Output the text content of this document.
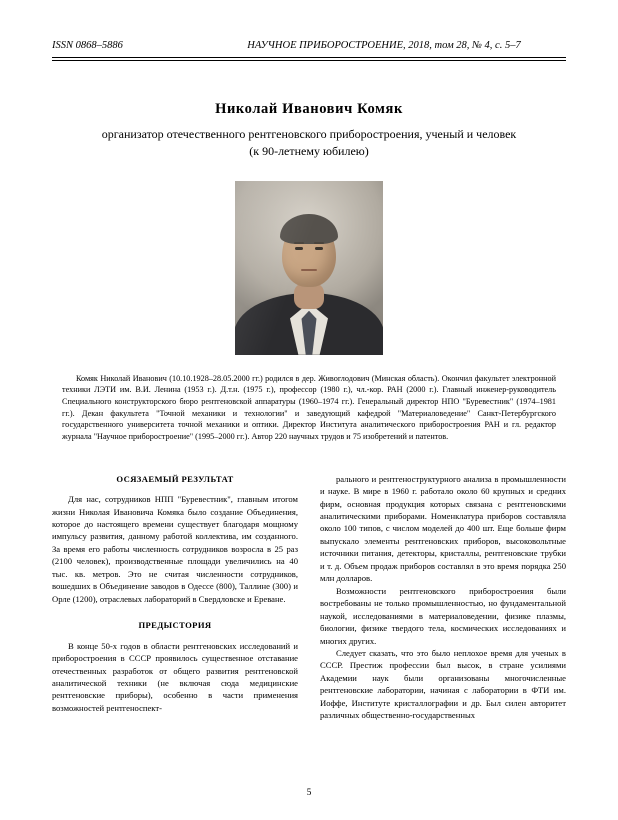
ISSN 0868–5886	НАУЧНОЕ ПРИБОРОСТРОЕНИЕ, 2018, том 28, № 4, с. 5–7
Николай Иванович Комяк
организатор отечественного рентгеновского приборостроения, ученый и человек
(к 90-летнему юбилею)
Комяк Николай Иванович (10.10.1928–28.05.2000 гг.) родился в дер. Живоглодович (Минская область). Окончил факультет электронной техники ЛЭТИ им. В.И. Ленина (1953 г.). Д.т.н. (1975 г.), профессор (1980 г.), чл.-кор. РАН (2000 г.). Главный инженер-руководитель Специального конструкторского бюро рентгеновской аппаратуры (1960–1974 гг.). Генеральный директор НПО "Буревестник" (1974–1981 гг.). Декан факультета "Точной механики и технологии" и заведующий кафедрой "Материаловедение" Санкт-Петербургского государственного университета точной механики и оптики. Директор Института аналитического приборостроения РАН и гл. редактор журнала "Научное приборостроение" (1995–2000 гг.). Автор 220 научных трудов и 75 изобретений и патентов.
ОСЯЗАЕМЫЙ РЕЗУЛЬТАТ

Для нас, сотрудников НПП "Буревестник", главным итогом жизни Николая Ивановича Комяка было создание Объединения, которое до настоящего времени существует благодаря мощному импульсу развития, данному работой коллектива, им созданного. За время его работы численность сотрудников возросла в 25 раз (2100 человек), производственные площади увеличились на 40 тыс. кв. метров. Это не считая численности сотрудников, вошедших в Объединение заводов в Одессе (800), Таллине (300) и Орле (1200), отраслевых лабораторий в Свердловске и Ереване.

ПРЕДЫСТОРИЯ

В конце 50-х годов в области рентгеновских исследований и приборостроения в СССР проявилось существенное отставание отечественных разработок от общего развития рентгеновской аналитической техники (не включая сюда медицинские рентгеновские приборы), особенно в части применения возможностей рентгеноспект-

рального и рентгеноструктурного анализа в промышленности и науке. В мире в 1960 г. работало около 60 крупных и средних фирм, основная продукция которых связана с рентгеновскими аналитическими приборами. Номенклатура приборов составляла около 100 типов, с числом моделей до 400 шт. Еще больше фирм выпускало элементы рентгеновских приборов, высоковольтные источники питания, детекторы, кристаллы, рентгеновские трубки и т. д. Объем продаж приборов составлял в это время порядка 250 млн долларов.

Возможности рентгеновского приборостроения были востребованы не только промышленностью, но фундаментальной наукой, исследованиями в материаловедении, физике плазмы, биологии, физике твердого тела, космических исследованиях и многих других.

Следует сказать, что это было неплохое время для ученых в СССР. Престиж профессии был высок, в стране усилиями Академии наук были организованы многочисленные рентгеновские лаборатории, начиная с лаборатории в ФТИ им. Иоффе, Институте кристаллографии и др. Был силен авторитет различных общественно-государственных

5
